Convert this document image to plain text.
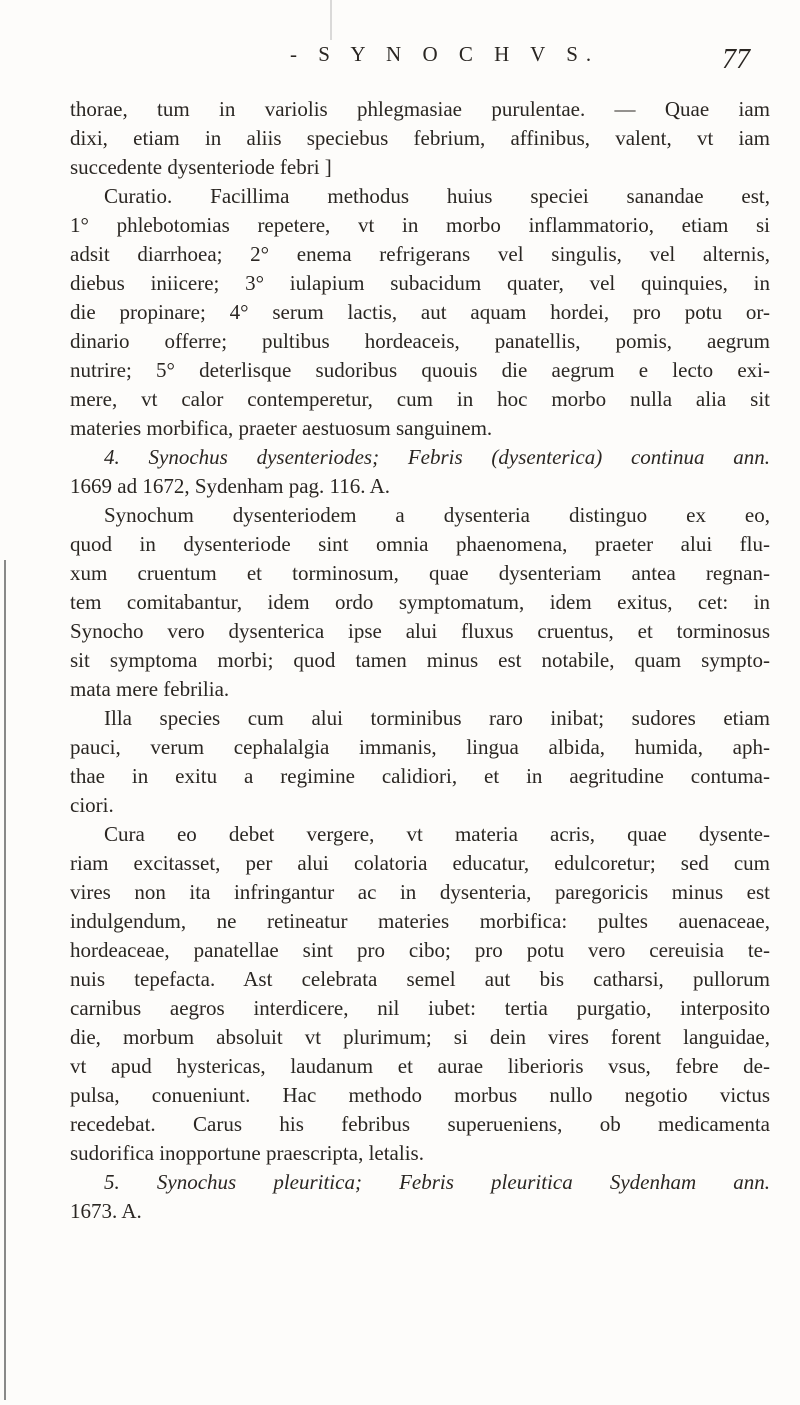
- S Y N O C H V S.	77
thorae, tum in variolis phlegmasiae purulentae. — Quae iam
dixi, etiam in aliis speciebus febrium, affinibus, valent, vt iam
succedente dysenteriode febri ]
Curatio. Facillima methodus huius speciei sanandae est,
1° phlebotomias repetere, vt in morbo inflammatorio, etiam si
adsit diarrhoea; 2° enema refrigerans vel singulis, vel alternis,
diebus iniicere; 3° iulapium subacidum quater, vel quinquies, in
die propinare; 4° serum lactis, aut aquam hordei, pro potu or-
dinario offerre; pultibus hordeaceis, panatellis, pomis, aegrum
nutrire; 5° deterlisque sudoribus quouis die aegrum e lecto exi-
mere, vt calor contemperetur, cum in hoc morbo nulla alia sit
materies morbifica, praeter aestuosum sanguinem.
4. Synochus dysenteriodes; Febris (dysenterica) continua ann.
1669 ad 1672, Sydenham pag. 116. A.
Synochum dysenteriodem a dysenteria distinguo ex eo,
quod in dysenteriode sint omnia phaenomena, praeter alui flu-
xum cruentum et torminosum, quae dysenteriam antea regnan-
tem comitabantur, idem ordo symptomatum, idem exitus, cet: in
Synocho vero dysenterica ipse alui fluxus cruentus, et torminosus
sit symptoma morbi; quod tamen minus est notabile, quam sympto-
mata mere febrilia.
Illa species cum alui torminibus raro inibat; sudores etiam
pauci, verum cephalalgia immanis, lingua albida, humida, aph-
thae in exitu a regimine calidiori, et in aegritudine contuma-
ciori.
Cura eo debet vergere, vt materia acris, quae dysente-
riam excitasset, per alui colatoria educatur, edulcoretur; sed cum
vires non ita infringantur ac in dysenteria, paregoricis minus est
indulgendum, ne retineatur materies morbifica: pultes auenaceae,
hordeaceae, panatellae sint pro cibo; pro potu vero cereuisia te-
nuis tepefacta. Ast celebrata semel aut bis catharsi, pullorum
carnibus aegros interdicere, nil iubet: tertia purgatio, interposito
die, morbum absoluit vt plurimum; si dein vires forent languidae,
vt apud hystericas, laudanum et aurae liberioris vsus, febre de-
pulsa, conueniunt. Hac methodo morbus nullo negotio victus
recedebat. Carus his febribus superueniens, ob medicamenta
sudorifica inopportune praescripta, letalis.
5. Synochus pleuritica; Febris pleuritica Sydenham ann.
1673. A.
